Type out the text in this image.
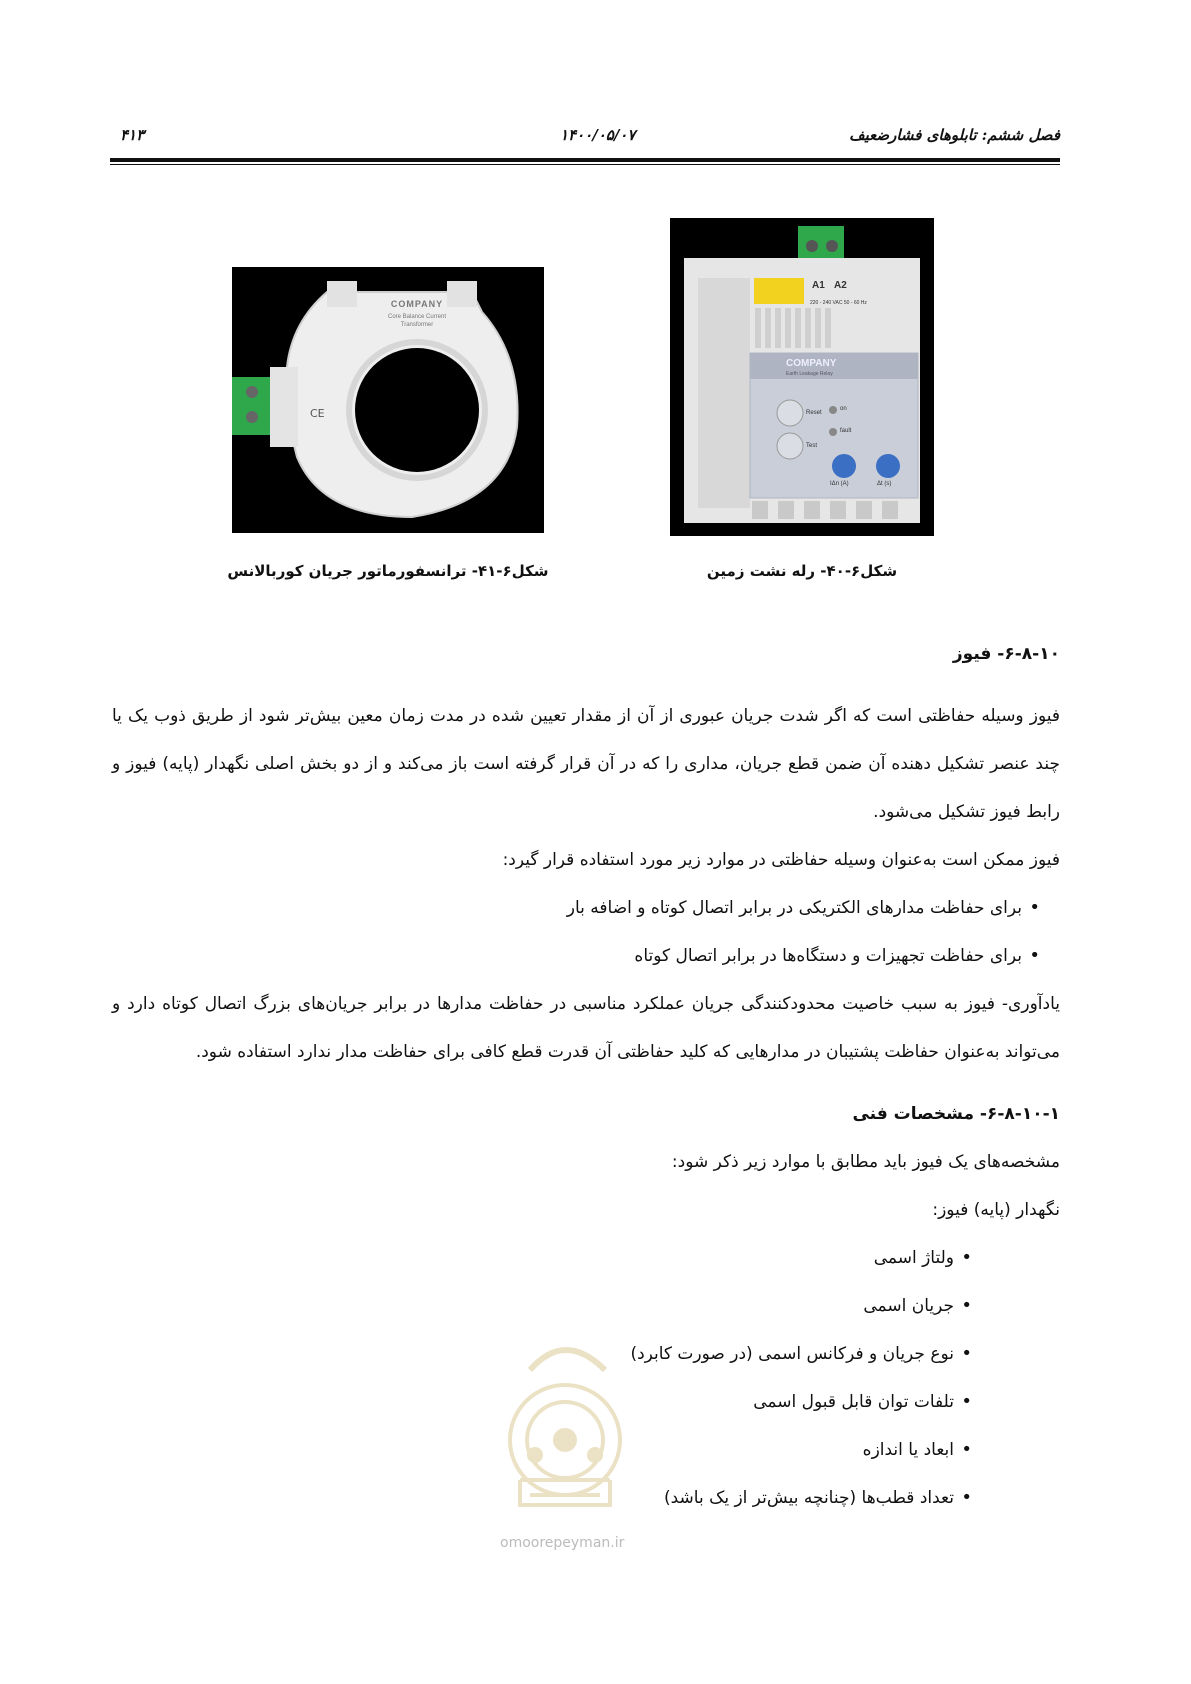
فصل ششم: تابلوهای فشارضعیف
۱۴۰۰/۰۵/۰۷
۴۱۳
CE
COMPANY
Core Balance Current Transformer
شکل۶-۴۱- ترانسفورماتور جریان کوربالانس
A1 A2
220 - 240 VAC 50 - 60 Hz
COMPANY
Earth Leakage Relay
Reset
Test
on
fault
IΔn (A)	Δt (s)
شکل۶-۴۰- رله نشت زمین
۶-۸-۱۰- فیوز

فیوز وسیله حفاظتی است که اگر شدت جریان عبوری از آن از مقدار تعیین شده در مدت زمان معین بیش‌تر شود از طریق ذوب یک یا چند عنصر تشکیل دهنده آن ضمن قطع جریان، مداری را که در آن قرار گرفته است باز می‌کند و از دو بخش اصلی نگهدار (پایه) فیوز و رابط فیوز تشکیل می‌شود.

فیوز ممکن است به‌عنوان وسیله حفاظتی در موارد زیر مورد استفاده قرار گیرد:

• برای حفاظت مدارهای الکتریکی در برابر اتصال کوتاه و اضافه بار
• برای حفاظت تجهیزات و دستگاه‌ها در برابر اتصال کوتاه

یادآوری- فیوز به سبب خاصیت محدودکنندگی جریان عملکرد مناسبی در حفاظت مدارها در برابر جریان‌های بزرگ اتصال کوتاه دارد و می‌تواند به‌عنوان حفاظت پشتیبان در مدارهایی که کلید حفاظتی آن قدرت قطع کافی برای حفاظت مدار ندارد استفاده شود.

۶-۸-۱۰-۱- مشخصات فنی

مشخصه‌های یک فیوز باید مطابق با موارد زیر ذکر شود:

نگهدار (پایه) فیوز:

• ولتاژ اسمی
• جریان اسمی
• نوع جریان و فرکانس اسمی (در صورت کابرد)
• تلفات توان قابل قبول اسمی
• ابعاد یا اندازه
• تعداد قطب‌ها (چنانچه بیش‌تر از یک باشد)
omoorepeyman.ir
